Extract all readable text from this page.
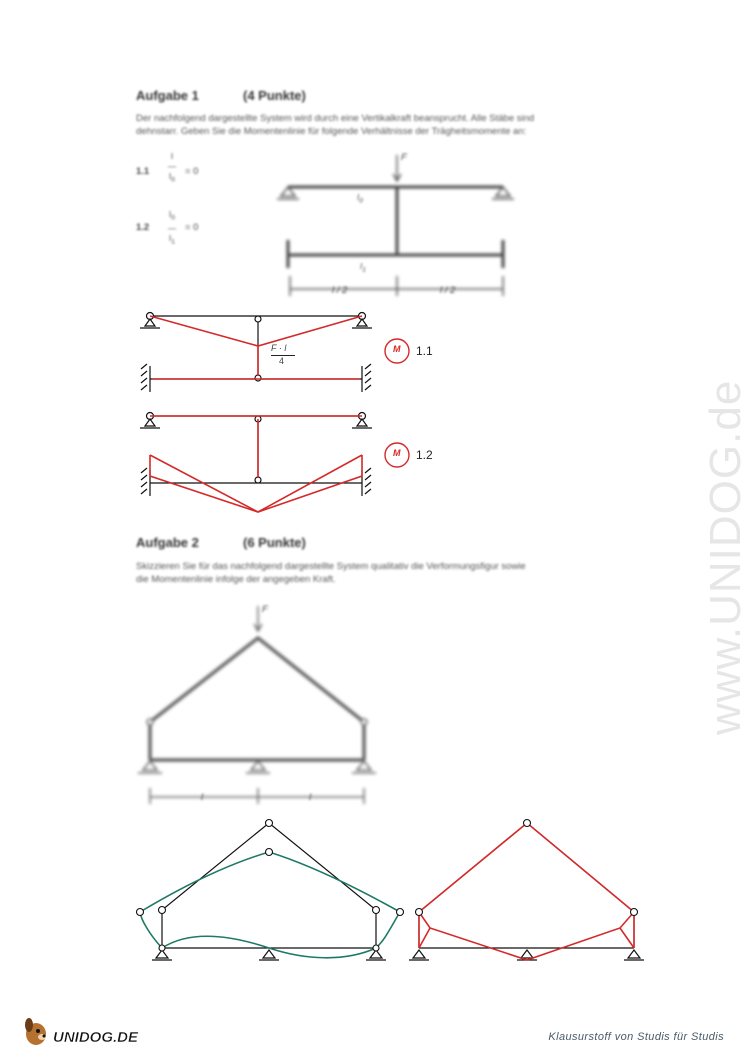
Aufgabe 1	(4 Punkte)
Der nachfolgend dargestellte System wird durch eine Vertikalkraft beansprucht. Alle Stäbe sind
dehnstarr. Geben Sie die Momentenlinie für folgende Verhältnisse der Trägheitsmomente an:
1.1
I
—
$I_0$
= 0
1.2
$I_0$
—
$I_1$
= 0
F
$I_0$
$I_1$
l / 2	l / 2
F · l
4
M 1.1
M 1.2
Aufgabe 2	(6 Punkte)
Skizzieren Sie für das nachfolgend dargestellte System qualitativ die Verformungsfigur sowie
die Momentenlinie infolge der angegeben Kraft.
F
l	l
www.UNIDOG.de
UNIDOG.DE	Klausurstoff von Studis für Studis
